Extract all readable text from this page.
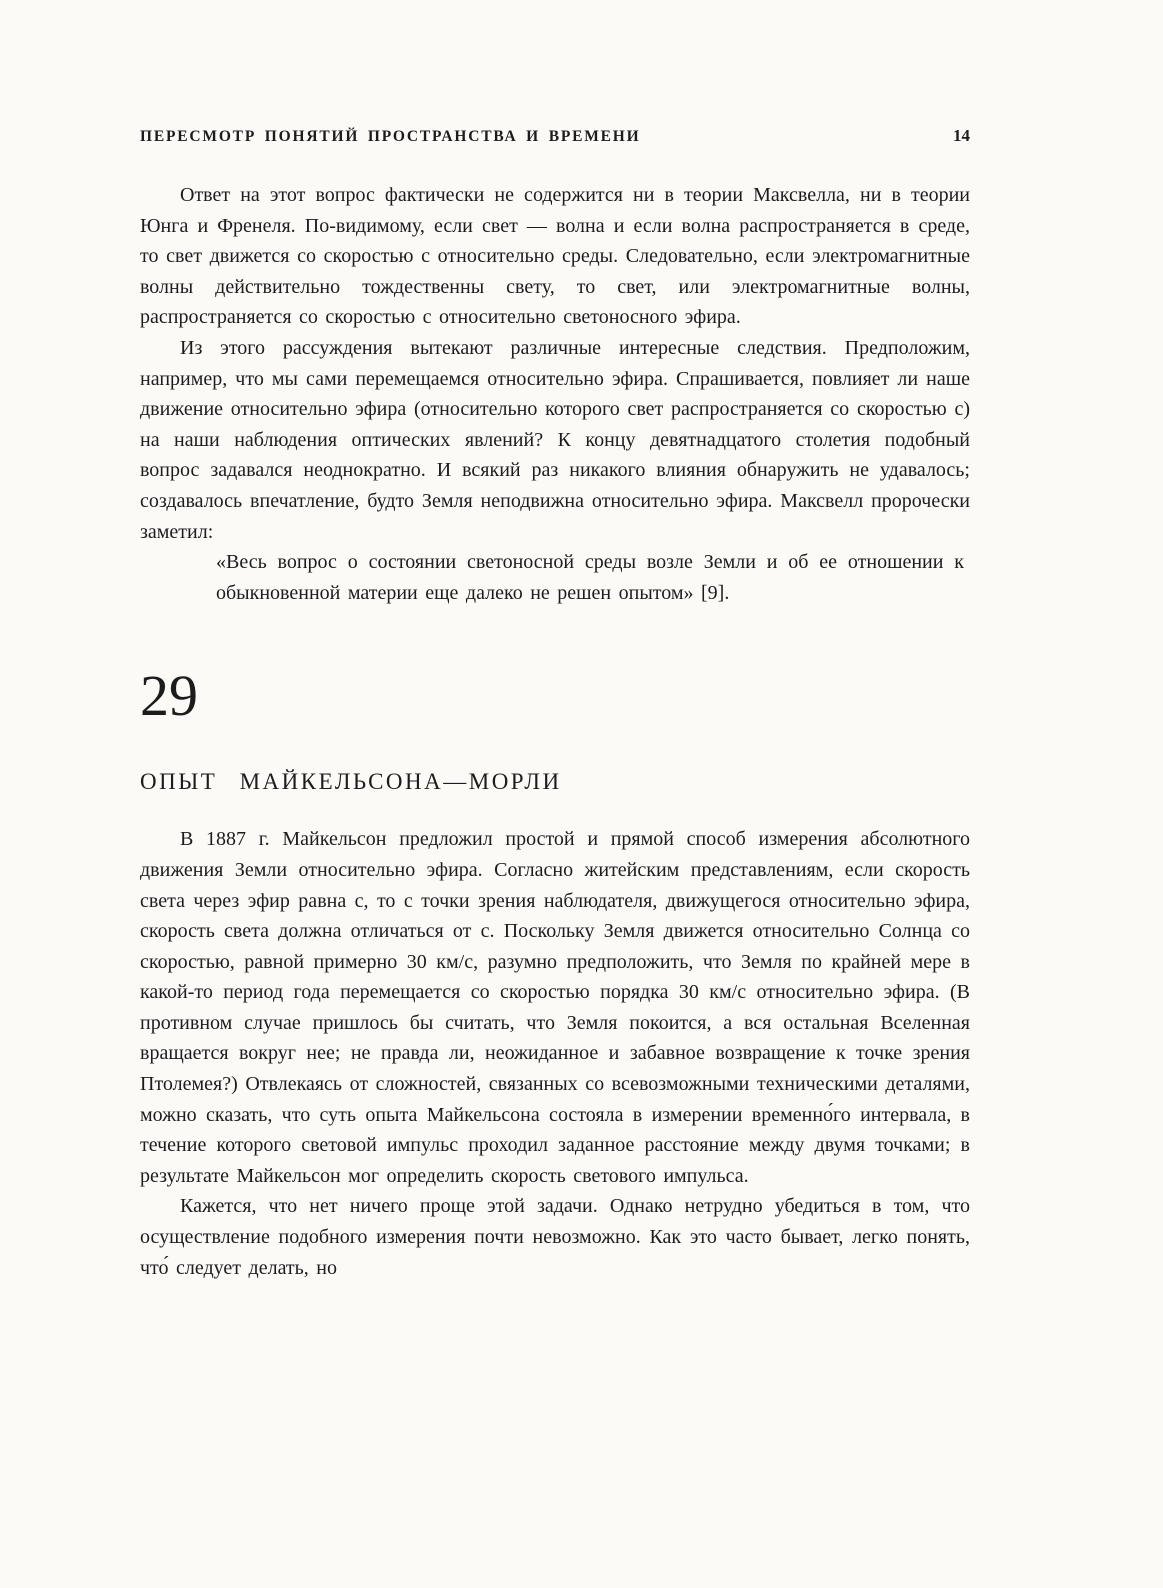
ПЕРЕСМОТР ПОНЯТИЙ ПРОСТРАНСТВА И ВРЕМЕНИ	14

Ответ на этот вопрос фактически не содержится ни в теории Максвелла, ни в теории Юнга и Френеля. По-видимому, если свет — волна и если волна распространяется в среде, то свет движется со скоростью с относительно среды. Следовательно, если электромагнитные волны действительно тождественны свету, то свет, или электромагнитные волны, распространяется со скоростью с относительно светоносного эфира.

Из этого рассуждения вытекают различные интересные следствия. Предположим, например, что мы сами перемещаемся относительно эфира. Спрашивается, повлияет ли наше движение относительно эфира (относительно которого свет распространяется со скоростью с) на наши наблюдения оптических явлений? К концу девятнадцатого столетия подобный вопрос задавался неоднократно. И всякий раз никакого влияния обнаружить не удавалось; создавалось впечатление, будто Земля неподвижна относительно эфира. Максвелл пророчески заметил:

«Весь вопрос о состоянии светоносной среды возле Земли и об ее отношении к обыкновенной материи еще далеко не решен опытом» [9].
29
ОПЫТ МАЙКЕЛЬСОНА—МОРЛИ

В 1887 г. Майкельсон предложил простой и прямой способ измерения абсолютного движения Земли относительно эфира. Согласно житейским представлениям, если скорость света через эфир равна с, то с точки зрения наблюдателя, движущегося относительно эфира, скорость света должна отличаться от с. Поскольку Земля движется относительно Солнца со скоростью, равной примерно 30 км/с, разумно предположить, что Земля по крайней мере в какой-то период года перемещается со скоростью порядка 30 км/с относительно эфира. (В противном случае пришлось бы считать, что Земля покоится, а вся остальная Вселенная вращается вокруг нее; не правда ли, неожиданное и забавное возвращение к точке зрения Птолемея?) Отвлекаясь от сложностей, связанных со всевозможными техническими деталями, можно сказать, что суть опыта Майкельсона состояла в измерении временно́го интервала, в течение которого световой импульс проходил заданное расстояние между двумя точками; в результате Майкельсон мог определить скорость светового импульса.

Кажется, что нет ничего проще этой задачи. Однако нетрудно убедиться в том, что осуществление подобного измерения почти невозможно. Как это часто бывает, легко понять, что́ следует делать, но
